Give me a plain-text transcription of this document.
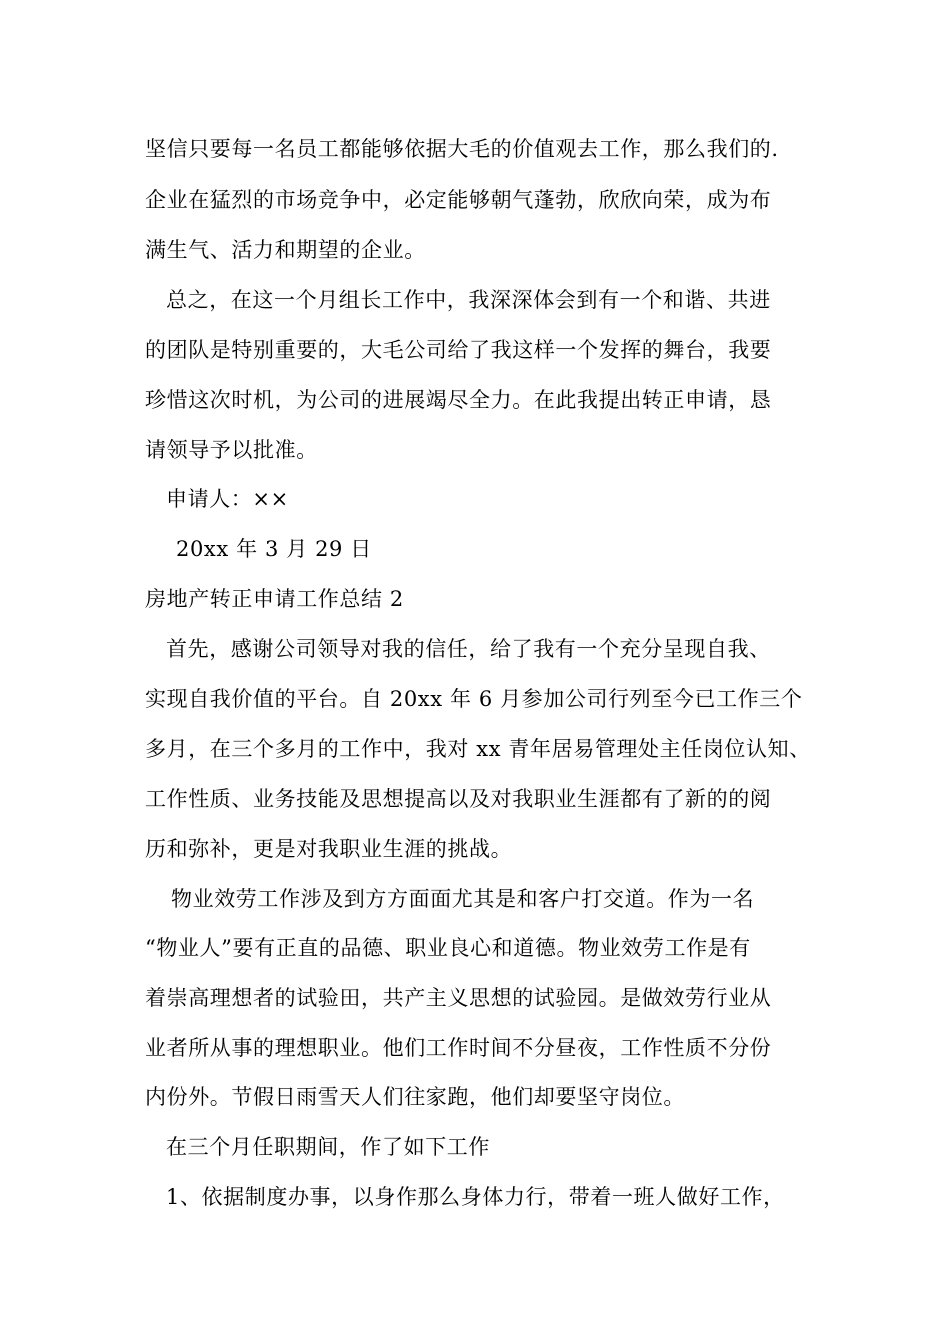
坚信只要每一名员工都能够依据大毛的价值观去工作，那么我们的.
企业在猛烈的市场竞争中，必定能够朝气蓬勃，欣欣向荣，成为布
满生气、活力和期望的企业。
总之，在这一个月组长工作中，我深深体会到有一个和谐、共进
的团队是特别重要的，大毛公司给了我这样一个发挥的舞台，我要
珍惜这次时机，为公司的进展竭尽全力。在此我提出转正申请，恳
请领导予以批准。
申请人：××
20xx 年 3 月 29 日
房地产转正申请工作总结 2
首先，感谢公司领导对我的信任，给了我有一个充分呈现自我、
实现自我价值的平台。自 20xx 年 6 月参加公司行列至今已工作三个
多月，在三个多月的工作中，我对 xx 青年居易管理处主任岗位认知、
工作性质、业务技能及思想提高以及对我职业生涯都有了新的的阅
历和弥补，更是对我职业生涯的挑战。
物业效劳工作涉及到方方面面尤其是和客户打交道。作为一名
“物业人”要有正直的品德、职业良心和道德。物业效劳工作是有
着崇高理想者的试验田，共产主义思想的试验园。是做效劳行业从
业者所从事的理想职业。他们工作时间不分昼夜，工作性质不分份
内份外。节假日雨雪天人们往家跑，他们却要坚守岗位。
在三个月任职期间，作了如下工作
1、依据制度办事，以身作那么身体力行，带着一班人做好工作，
